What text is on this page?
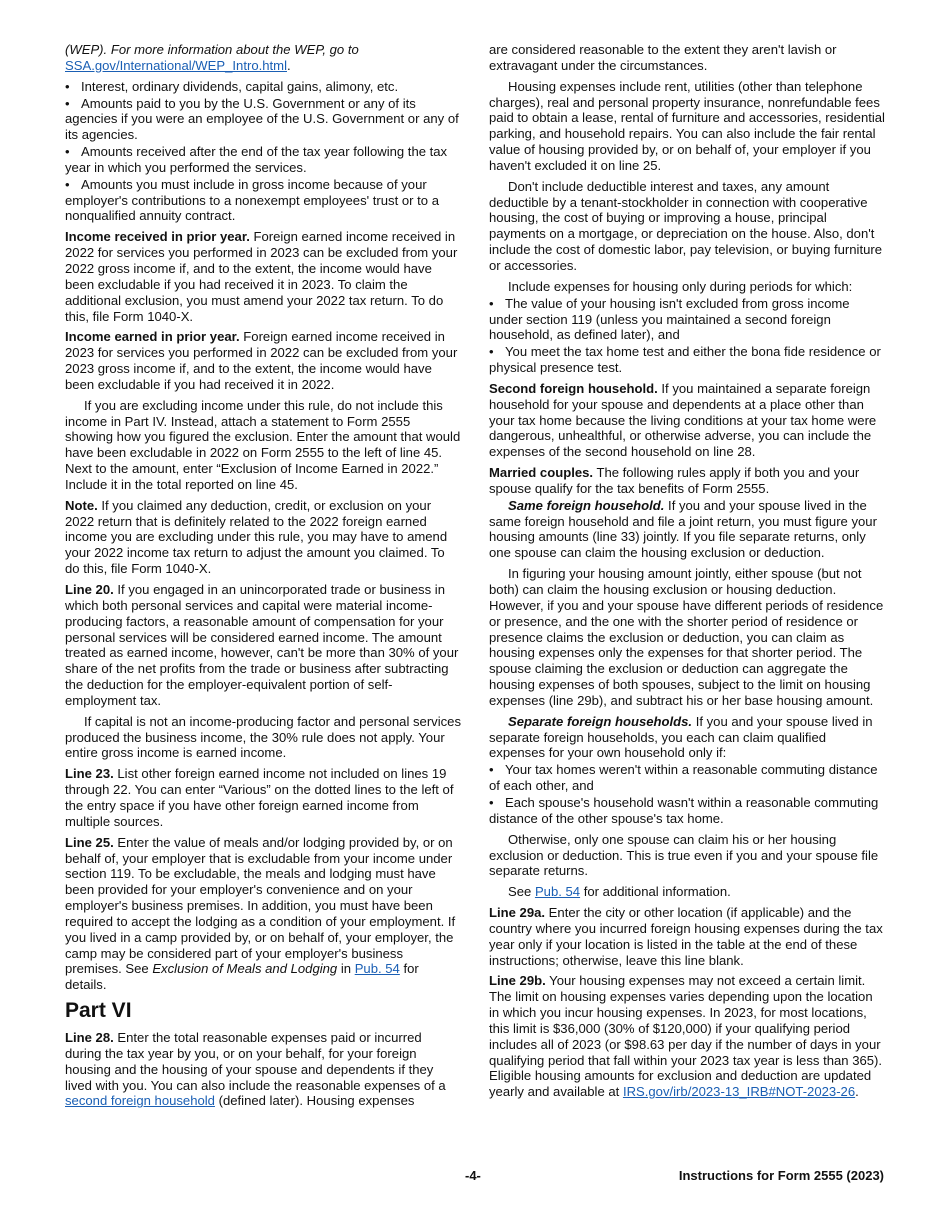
(WEP). For more information about the WEP, go to SSA.gov/International/WEP_Intro.html.

• Interest, ordinary dividends, capital gains, alimony, etc.
• Amounts paid to you by the U.S. Government or any of its agencies if you were an employee of the U.S. Government or any of its agencies.
• Amounts received after the end of the tax year following the tax year in which you performed the services.
• Amounts you must include in gross income because of your employer's contributions to a nonexempt employees' trust or to a nonqualified annuity contract.

Income received in prior year. Foreign earned income received in 2022 for services you performed in 2023 can be excluded from your 2022 gross income if, and to the extent, the income would have been excludable if you had received it in 2023. To claim the additional exclusion, you must amend your 2022 tax return. To do this, file Form 1040-X.

Income earned in prior year. Foreign earned income received in 2023 for services you performed in 2022 can be excluded from your 2023 gross income if, and to the extent, the income would have been excludable if you had received it in 2022.

If you are excluding income under this rule, do not include this income in Part IV. Instead, attach a statement to Form 2555 showing how you figured the exclusion. Enter the amount that would have been excludable in 2022 on Form 2555 to the left of line 45. Next to the amount, enter “Exclusion of Income Earned in 2022.” Include it in the total reported on line 45.

Note. If you claimed any deduction, credit, or exclusion on your 2022 return that is definitely related to the 2022 foreign earned income you are excluding under this rule, you may have to amend your 2022 income tax return to adjust the amount you claimed. To do this, file Form 1040-X.

Line 20. If you engaged in an unincorporated trade or business in which both personal services and capital were material income-producing factors, a reasonable amount of compensation for your personal services will be considered earned income. The amount treated as earned income, however, can't be more than 30% of your share of the net profits from the trade or business after subtracting the deduction for the employer-equivalent portion of self-employment tax.

If capital is not an income-producing factor and personal services produced the business income, the 30% rule does not apply. Your entire gross income is earned income.

Line 23. List other foreign earned income not included on lines 19 through 22. You can enter “Various” on the dotted lines to the left of the entry space if you have other foreign earned income from multiple sources.

Line 25. Enter the value of meals and/or lodging provided by, or on behalf of, your employer that is excludable from your income under section 119. To be excludable, the meals and lodging must have been provided for your employer's convenience and on your employer's business premises. In addition, you must have been required to accept the lodging as a condition of your employment. If you lived in a camp provided by, or on behalf of, your employer, the camp may be considered part of your employer's business premises. See Exclusion of Meals and Lodging in Pub. 54 for details.

Part VI

Line 28. Enter the total reasonable expenses paid or incurred during the tax year by you, or on your behalf, for your foreign housing and the housing of your spouse and dependents if they lived with you. You can also include the reasonable expenses of a second foreign household (defined later). Housing expenses

are considered reasonable to the extent they aren't lavish or extravagant under the circumstances.

Housing expenses include rent, utilities (other than telephone charges), real and personal property insurance, nonrefundable fees paid to obtain a lease, rental of furniture and accessories, residential parking, and household repairs. You can also include the fair rental value of housing provided by, or on behalf of, your employer if you haven't excluded it on line 25.

Don't include deductible interest and taxes, any amount deductible by a tenant-stockholder in connection with cooperative housing, the cost of buying or improving a house, principal payments on a mortgage, or depreciation on the house. Also, don't include the cost of domestic labor, pay television, or buying furniture or accessories.

Include expenses for housing only during periods for which:

• The value of your housing isn't excluded from gross income under section 119 (unless you maintained a second foreign household, as defined later), and
• You meet the tax home test and either the bona fide residence or physical presence test.

Second foreign household. If you maintained a separate foreign household for your spouse and dependents at a place other than your tax home because the living conditions at your tax home were dangerous, unhealthful, or otherwise adverse, you can include the expenses of the second household on line 28.

Married couples. The following rules apply if both you and your spouse qualify for the tax benefits of Form 2555.

Same foreign household. If you and your spouse lived in the same foreign household and file a joint return, you must figure your housing amounts (line 33) jointly. If you file separate returns, only one spouse can claim the housing exclusion or deduction.

In figuring your housing amount jointly, either spouse (but not both) can claim the housing exclusion or housing deduction. However, if you and your spouse have different periods of residence or presence, and the one with the shorter period of residence or presence claims the exclusion or deduction, you can claim as housing expenses only the expenses for that shorter period. The spouse claiming the exclusion or deduction can aggregate the housing expenses of both spouses, subject to the limit on housing expenses (line 29b), and subtract his or her base housing amount.

Separate foreign households. If you and your spouse lived in separate foreign households, you each can claim qualified expenses for your own household only if:

• Your tax homes weren't within a reasonable commuting distance of each other, and
• Each spouse's household wasn't within a reasonable commuting distance of the other spouse's tax home.

Otherwise, only one spouse can claim his or her housing exclusion or deduction. This is true even if you and your spouse file separate returns.

See Pub. 54 for additional information.

Line 29a. Enter the city or other location (if applicable) and the country where you incurred foreign housing expenses during the tax year only if your location is listed in the table at the end of these instructions; otherwise, leave this line blank.

Line 29b. Your housing expenses may not exceed a certain limit. The limit on housing expenses varies depending upon the location in which you incur housing expenses. In 2023, for most locations, this limit is $36,000 (30% of $120,000) if your qualifying period includes all of 2023 (or $98.63 per day if the number of days in your qualifying period that fall within your 2023 tax year is less than 365). Eligible housing amounts for exclusion and deduction are updated yearly and available at IRS.gov/irb/2023-13_IRB#NOT-2023-26.

-4-	Instructions for Form 2555 (2023)
